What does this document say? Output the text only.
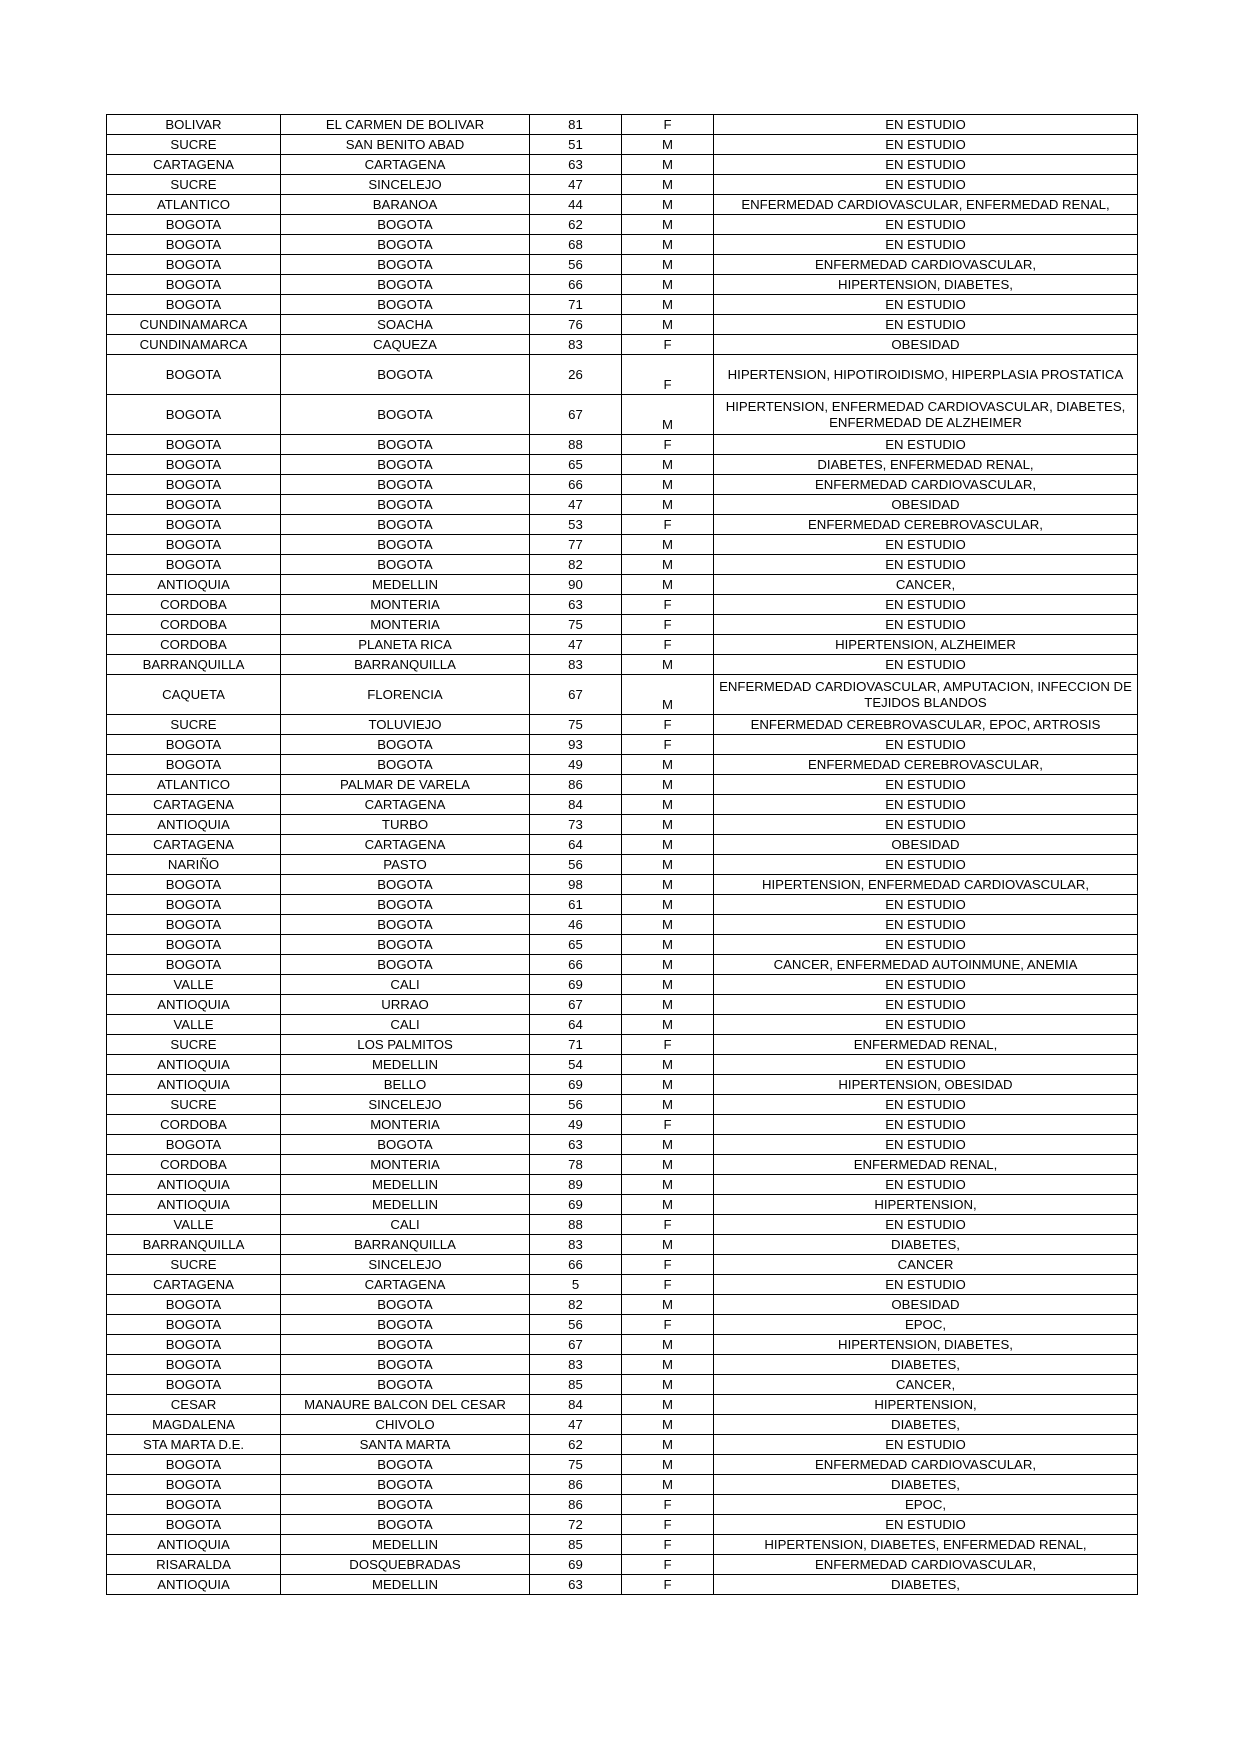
BOLIVAR	EL CARMEN DE BOLIVAR	81	F	EN ESTUDIO
SUCRE	SAN BENITO ABAD	51	M	EN ESTUDIO
CARTAGENA	CARTAGENA	63	M	EN ESTUDIO
SUCRE	SINCELEJO	47	M	EN ESTUDIO
ATLANTICO	BARANOA	44	M	ENFERMEDAD CARDIOVASCULAR, ENFERMEDAD RENAL,
BOGOTA	BOGOTA	62	M	EN ESTUDIO
BOGOTA	BOGOTA	68	M	EN ESTUDIO
BOGOTA	BOGOTA	56	M	ENFERMEDAD CARDIOVASCULAR,
BOGOTA	BOGOTA	66	M	HIPERTENSION, DIABETES,
BOGOTA	BOGOTA	71	M	EN ESTUDIO
CUNDINAMARCA	SOACHA	76	M	EN ESTUDIO
CUNDINAMARCA	CAQUEZA	83	F	OBESIDAD
BOGOTA	BOGOTA	26	F	HIPERTENSION, HIPOTIROIDISMO, HIPERPLASIA PROSTATICA
BOGOTA	BOGOTA	67	M	HIPERTENSION, ENFERMEDAD CARDIOVASCULAR, DIABETES, ENFERMEDAD DE ALZHEIMER
BOGOTA	BOGOTA	88	F	EN ESTUDIO
BOGOTA	BOGOTA	65	M	DIABETES, ENFERMEDAD RENAL,
BOGOTA	BOGOTA	66	M	ENFERMEDAD CARDIOVASCULAR,
BOGOTA	BOGOTA	47	M	OBESIDAD
BOGOTA	BOGOTA	53	F	ENFERMEDAD CEREBROVASCULAR,
BOGOTA	BOGOTA	77	M	EN ESTUDIO
BOGOTA	BOGOTA	82	M	EN ESTUDIO
ANTIOQUIA	MEDELLIN	90	M	CANCER,
CORDOBA	MONTERIA	63	F	EN ESTUDIO
CORDOBA	MONTERIA	75	F	EN ESTUDIO
CORDOBA	PLANETA RICA	47	F	HIPERTENSION, ALZHEIMER
BARRANQUILLA	BARRANQUILLA	83	M	EN ESTUDIO
CAQUETA	FLORENCIA	67	M	ENFERMEDAD CARDIOVASCULAR, AMPUTACION, INFECCION DE TEJIDOS BLANDOS
SUCRE	TOLUVIEJO	75	F	ENFERMEDAD CEREBROVASCULAR, EPOC, ARTROSIS
BOGOTA	BOGOTA	93	F	EN ESTUDIO
BOGOTA	BOGOTA	49	M	ENFERMEDAD CEREBROVASCULAR,
ATLANTICO	PALMAR DE VARELA	86	M	EN ESTUDIO
CARTAGENA	CARTAGENA	84	M	EN ESTUDIO
ANTIOQUIA	TURBO	73	M	EN ESTUDIO
CARTAGENA	CARTAGENA	64	M	OBESIDAD
NARIÑO	PASTO	56	M	EN ESTUDIO
BOGOTA	BOGOTA	98	M	HIPERTENSION, ENFERMEDAD CARDIOVASCULAR,
BOGOTA	BOGOTA	61	M	EN ESTUDIO
BOGOTA	BOGOTA	46	M	EN ESTUDIO
BOGOTA	BOGOTA	65	M	EN ESTUDIO
BOGOTA	BOGOTA	66	M	CANCER, ENFERMEDAD AUTOINMUNE, ANEMIA
VALLE	CALI	69	M	EN ESTUDIO
ANTIOQUIA	URRAO	67	M	EN ESTUDIO
VALLE	CALI	64	M	EN ESTUDIO
SUCRE	LOS PALMITOS	71	F	ENFERMEDAD RENAL,
ANTIOQUIA	MEDELLIN	54	M	EN ESTUDIO
ANTIOQUIA	BELLO	69	M	HIPERTENSION, OBESIDAD
SUCRE	SINCELEJO	56	M	EN ESTUDIO
CORDOBA	MONTERIA	49	F	EN ESTUDIO
BOGOTA	BOGOTA	63	M	EN ESTUDIO
CORDOBA	MONTERIA	78	M	ENFERMEDAD RENAL,
ANTIOQUIA	MEDELLIN	89	M	EN ESTUDIO
ANTIOQUIA	MEDELLIN	69	M	HIPERTENSION,
VALLE	CALI	88	F	EN ESTUDIO
BARRANQUILLA	BARRANQUILLA	83	M	DIABETES,
SUCRE	SINCELEJO	66	F	CANCER
CARTAGENA	CARTAGENA	5	F	EN ESTUDIO
BOGOTA	BOGOTA	82	M	OBESIDAD
BOGOTA	BOGOTA	56	F	EPOC,
BOGOTA	BOGOTA	67	M	HIPERTENSION, DIABETES,
BOGOTA	BOGOTA	83	M	DIABETES,
BOGOTA	BOGOTA	85	M	CANCER,
CESAR	MANAURE BALCON DEL CESAR	84	M	HIPERTENSION,
MAGDALENA	CHIVOLO	47	M	DIABETES,
STA MARTA D.E.	SANTA MARTA	62	M	EN ESTUDIO
BOGOTA	BOGOTA	75	M	ENFERMEDAD CARDIOVASCULAR,
BOGOTA	BOGOTA	86	M	DIABETES,
BOGOTA	BOGOTA	86	F	EPOC,
BOGOTA	BOGOTA	72	F	EN ESTUDIO
ANTIOQUIA	MEDELLIN	85	F	HIPERTENSION, DIABETES, ENFERMEDAD RENAL,
RISARALDA	DOSQUEBRADAS	69	F	ENFERMEDAD CARDIOVASCULAR,
ANTIOQUIA	MEDELLIN	63	F	DIABETES,
